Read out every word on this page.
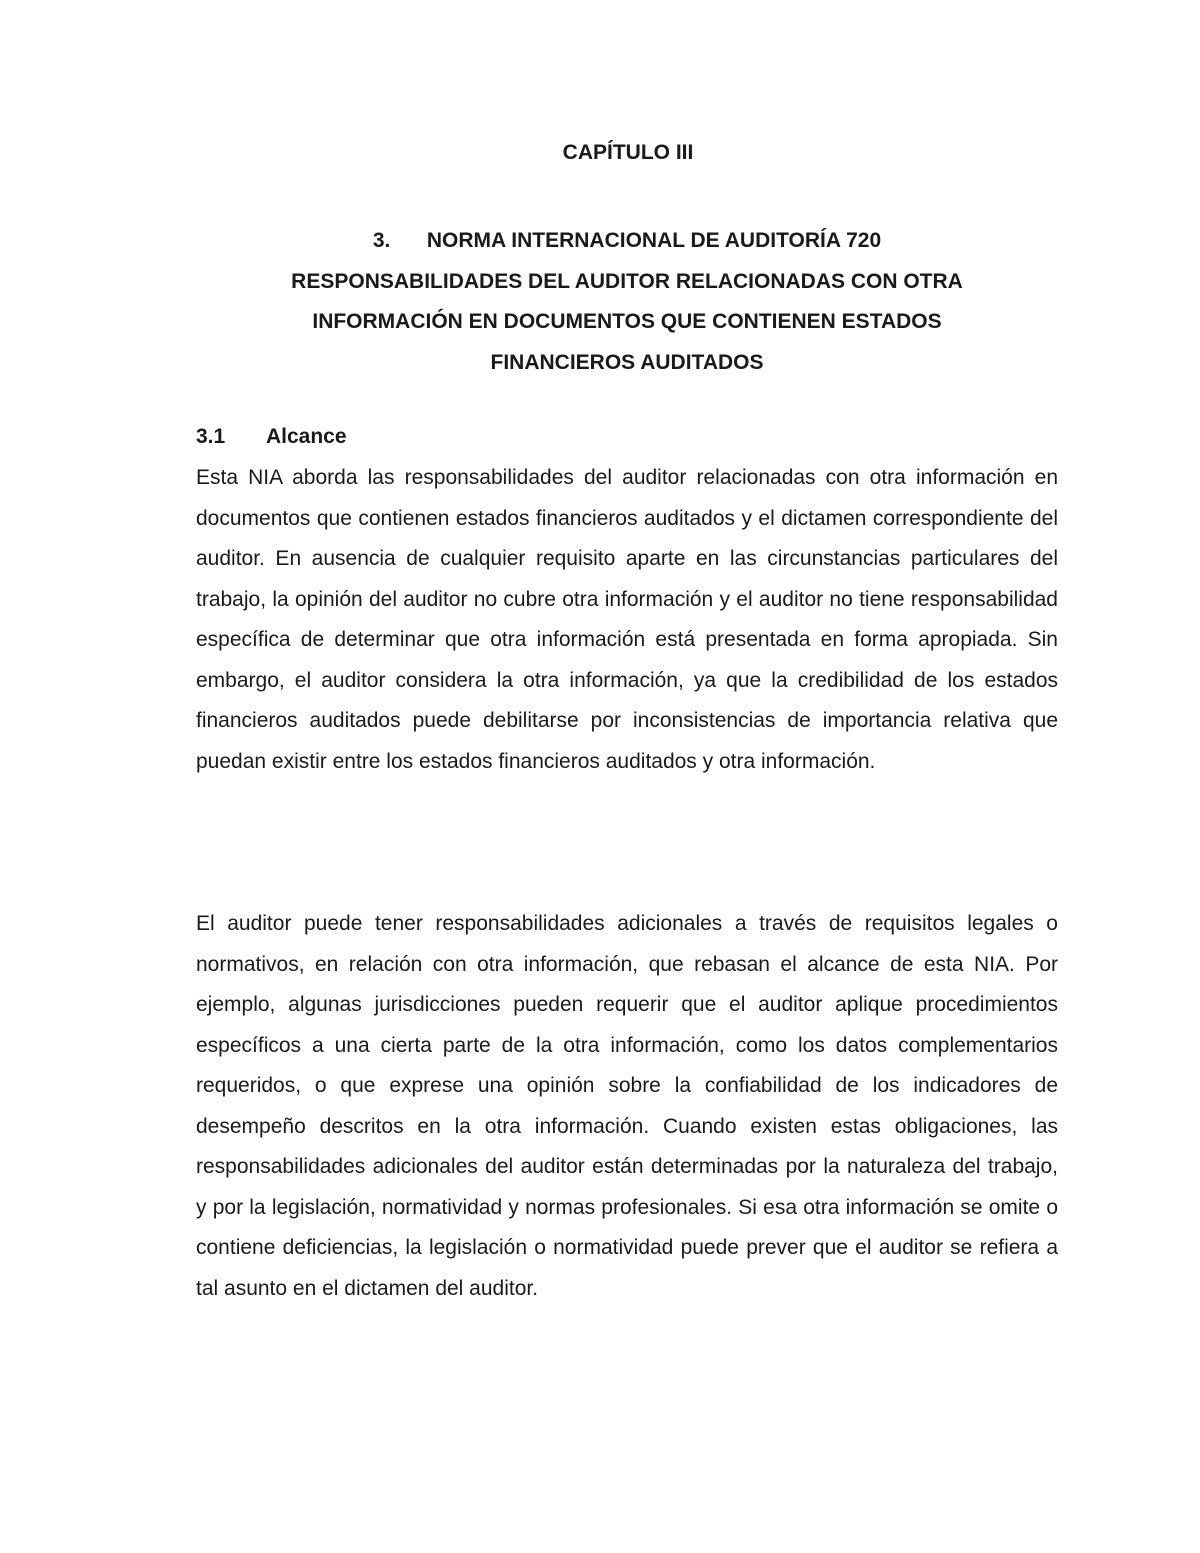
CAPÍTULO III
3. NORMA INTERNACIONAL DE AUDITORÍA 720
RESPONSABILIDADES DEL AUDITOR RELACIONADAS CON OTRA
INFORMACIÓN EN DOCUMENTOS QUE CONTIENEN ESTADOS
FINANCIEROS AUDITADOS
3.1 Alcance

Esta NIA aborda las responsabilidades del auditor relacionadas con otra información en documentos que contienen estados financieros auditados y el dictamen correspondiente del auditor. En ausencia de cualquier requisito aparte en las circunstancias particulares del trabajo, la opinión del auditor no cubre otra información y el auditor no tiene responsabilidad específica de determinar que otra información está presentada en forma apropiada. Sin embargo, el auditor considera la otra información, ya que la credibilidad de los estados financieros auditados puede debilitarse por inconsistencias de importancia relativa que puedan existir entre los estados financieros auditados y otra información.

El auditor puede tener responsabilidades adicionales a través de requisitos legales o normativos, en relación con otra información, que rebasan el alcance de esta NIA. Por ejemplo, algunas jurisdicciones pueden requerir que el auditor aplique procedimientos específicos a una cierta parte de la otra información, como los datos complementarios requeridos, o que exprese una opinión sobre la confiabilidad de los indicadores de desempeño descritos en la otra información. Cuando existen estas obligaciones, las responsabilidades adicionales del auditor están determinadas por la naturaleza del trabajo, y por la legislación, normatividad y normas profesionales. Si esa otra información se omite o contiene deficiencias, la legislación o normatividad puede prever que el auditor se refiera a tal asunto en el dictamen del auditor.
